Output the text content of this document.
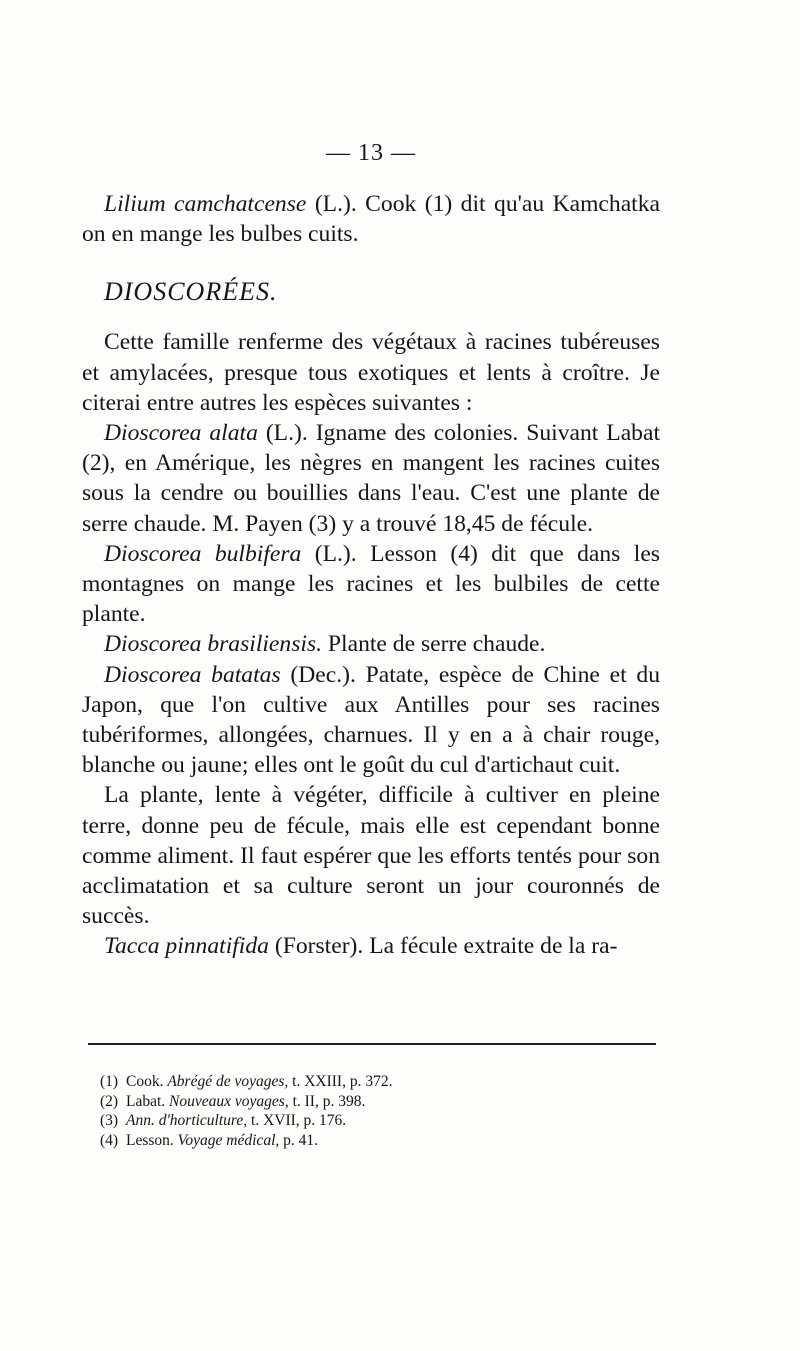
— 13 —

Lilium camchatcense (L.). Cook (1) dit qu'au Kamchatka on en mange les bulbes cuits.

DIOSCORÉES.

Cette famille renferme des végétaux à racines tubéreuses et amylacées, presque tous exotiques et lents à croître. Je citerai entre autres les espèces suivantes :

Dioscorea alata (L.). Igname des colonies. Suivant Labat (2), en Amérique, les nègres en mangent les racines cuites sous la cendre ou bouillies dans l'eau. C'est une plante de serre chaude. M. Payen (3) y a trouvé 18,45 de fécule.

Dioscorea bulbifera (L.). Lesson (4) dit que dans les montagnes on mange les racines et les bulbiles de cette plante.

Dioscorea brasiliensis. Plante de serre chaude.

Dioscorea batatas (Dec.). Patate, espèce de Chine et du Japon, que l'on cultive aux Antilles pour ses racines tubériformes, allongées, charnues. Il y en a à chair rouge, blanche ou jaune; elles ont le goût du cul d'artichaut cuit.

La plante, lente à végéter, difficile à cultiver en pleine terre, donne peu de fécule, mais elle est cependant bonne comme aliment. Il faut espérer que les efforts tentés pour son acclimatation et sa culture seront un jour couronnés de succès.

Tacca pinnatifida (Forster). La fécule extraite de la ra-

(1) Cook. Abrégé de voyages, t. XXIII, p. 372.
(2) Labat. Nouveaux voyages, t. II, p. 398.
(3) Ann. d'horticulture, t. XVII, p. 176.
(4) Lesson. Voyage médical, p. 41.
